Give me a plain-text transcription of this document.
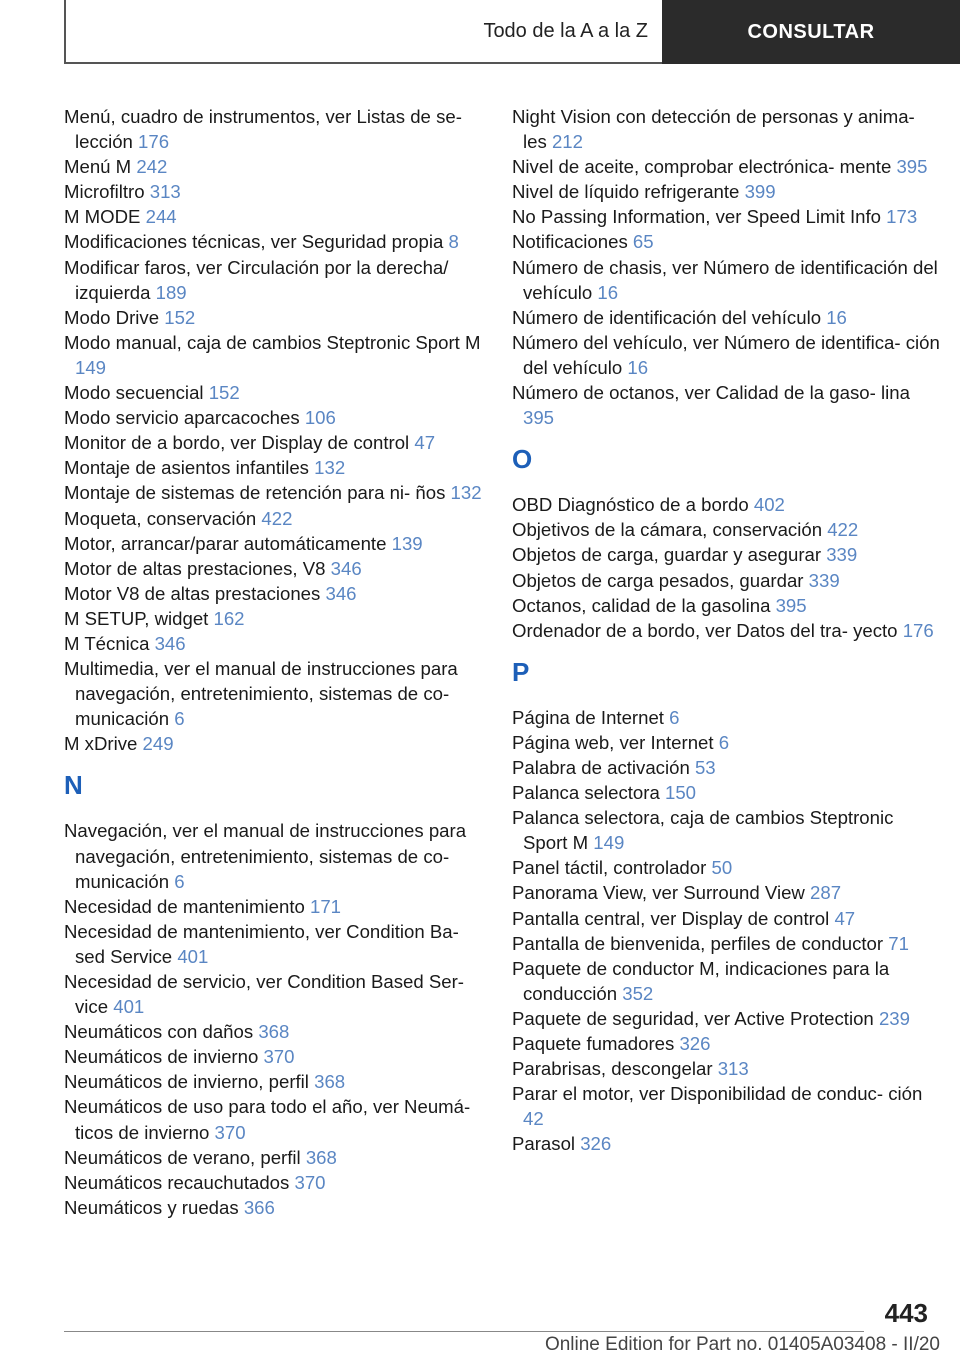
Todo de la A a la Z	CONSULTAR
Menú, cuadro de instrumentos, ver Listas de se‐ lección 176
Menú M 242
Microfiltro 313
M MODE 244
Modificaciones técnicas, ver Seguridad propia 8
Modificar faros, ver Circulación por la derecha/ izquierda 189
Modo Drive 152
Modo manual, caja de cambios Steptronic Sport M 149
Modo secuencial 152
Modo servicio aparcacoches 106
Monitor de a bordo, ver Display de control 47
Montaje de asientos infantiles 132
Montaje de sistemas de retención para ni‐ ños 132
Moqueta, conservación 422
Motor, arrancar/parar automáticamente 139
Motor de altas prestaciones, V8 346
Motor V8 de altas prestaciones 346
M SETUP, widget 162
M Técnica 346
Multimedia, ver el manual de instrucciones para navegación, entretenimiento, sistemas de co‐ municación 6
M xDrive 249
N
Navegación, ver el manual de instrucciones para navegación, entretenimiento, sistemas de co‐ municación 6
Necesidad de mantenimiento 171
Necesidad de mantenimiento, ver Condition Ba‐ sed Service 401
Necesidad de servicio, ver Condition Based Ser‐ vice 401
Neumáticos con daños 368
Neumáticos de invierno 370
Neumáticos de invierno, perfil 368
Neumáticos de uso para todo el año, ver Neumá‐ ticos de invierno 370
Neumáticos de verano, perfil 368
Neumáticos recauchutados 370
Neumáticos y ruedas 366
Night Vision con detección de personas y anima‐ les 212
Nivel de aceite, comprobar electrónica‐ mente 395
Nivel de líquido refrigerante 399
No Passing Information, ver Speed Limit Info 173
Notificaciones 65
Número de chasis, ver Número de identificación del vehículo 16
Número de identificación del vehículo 16
Número del vehículo, ver Número de identifica‐ ción del vehículo 16
Número de octanos, ver Calidad de la gaso‐ lina 395
O
OBD Diagnóstico de a bordo 402
Objetivos de la cámara, conservación 422
Objetos de carga, guardar y asegurar 339
Objetos de carga pesados, guardar 339
Octanos, calidad de la gasolina 395
Ordenador de a bordo, ver Datos del tra‐ yecto 176
P
Página de Internet 6
Página web, ver Internet 6
Palabra de activación 53
Palanca selectora 150
Palanca selectora, caja de cambios Steptronic Sport M 149
Panel táctil, controlador 50
Panorama View, ver Surround View 287
Pantalla central, ver Display de control 47
Pantalla de bienvenida, perfiles de conductor 71
Paquete de conductor M, indicaciones para la conducción 352
Paquete de seguridad, ver Active Protection 239
Paquete fumadores 326
Parabrisas, descongelar 313
Parar el motor, ver Disponibilidad de conduc‐ ción 42
Parasol 326
443
Online Edition for Part no. 01405A03408 - II/20
